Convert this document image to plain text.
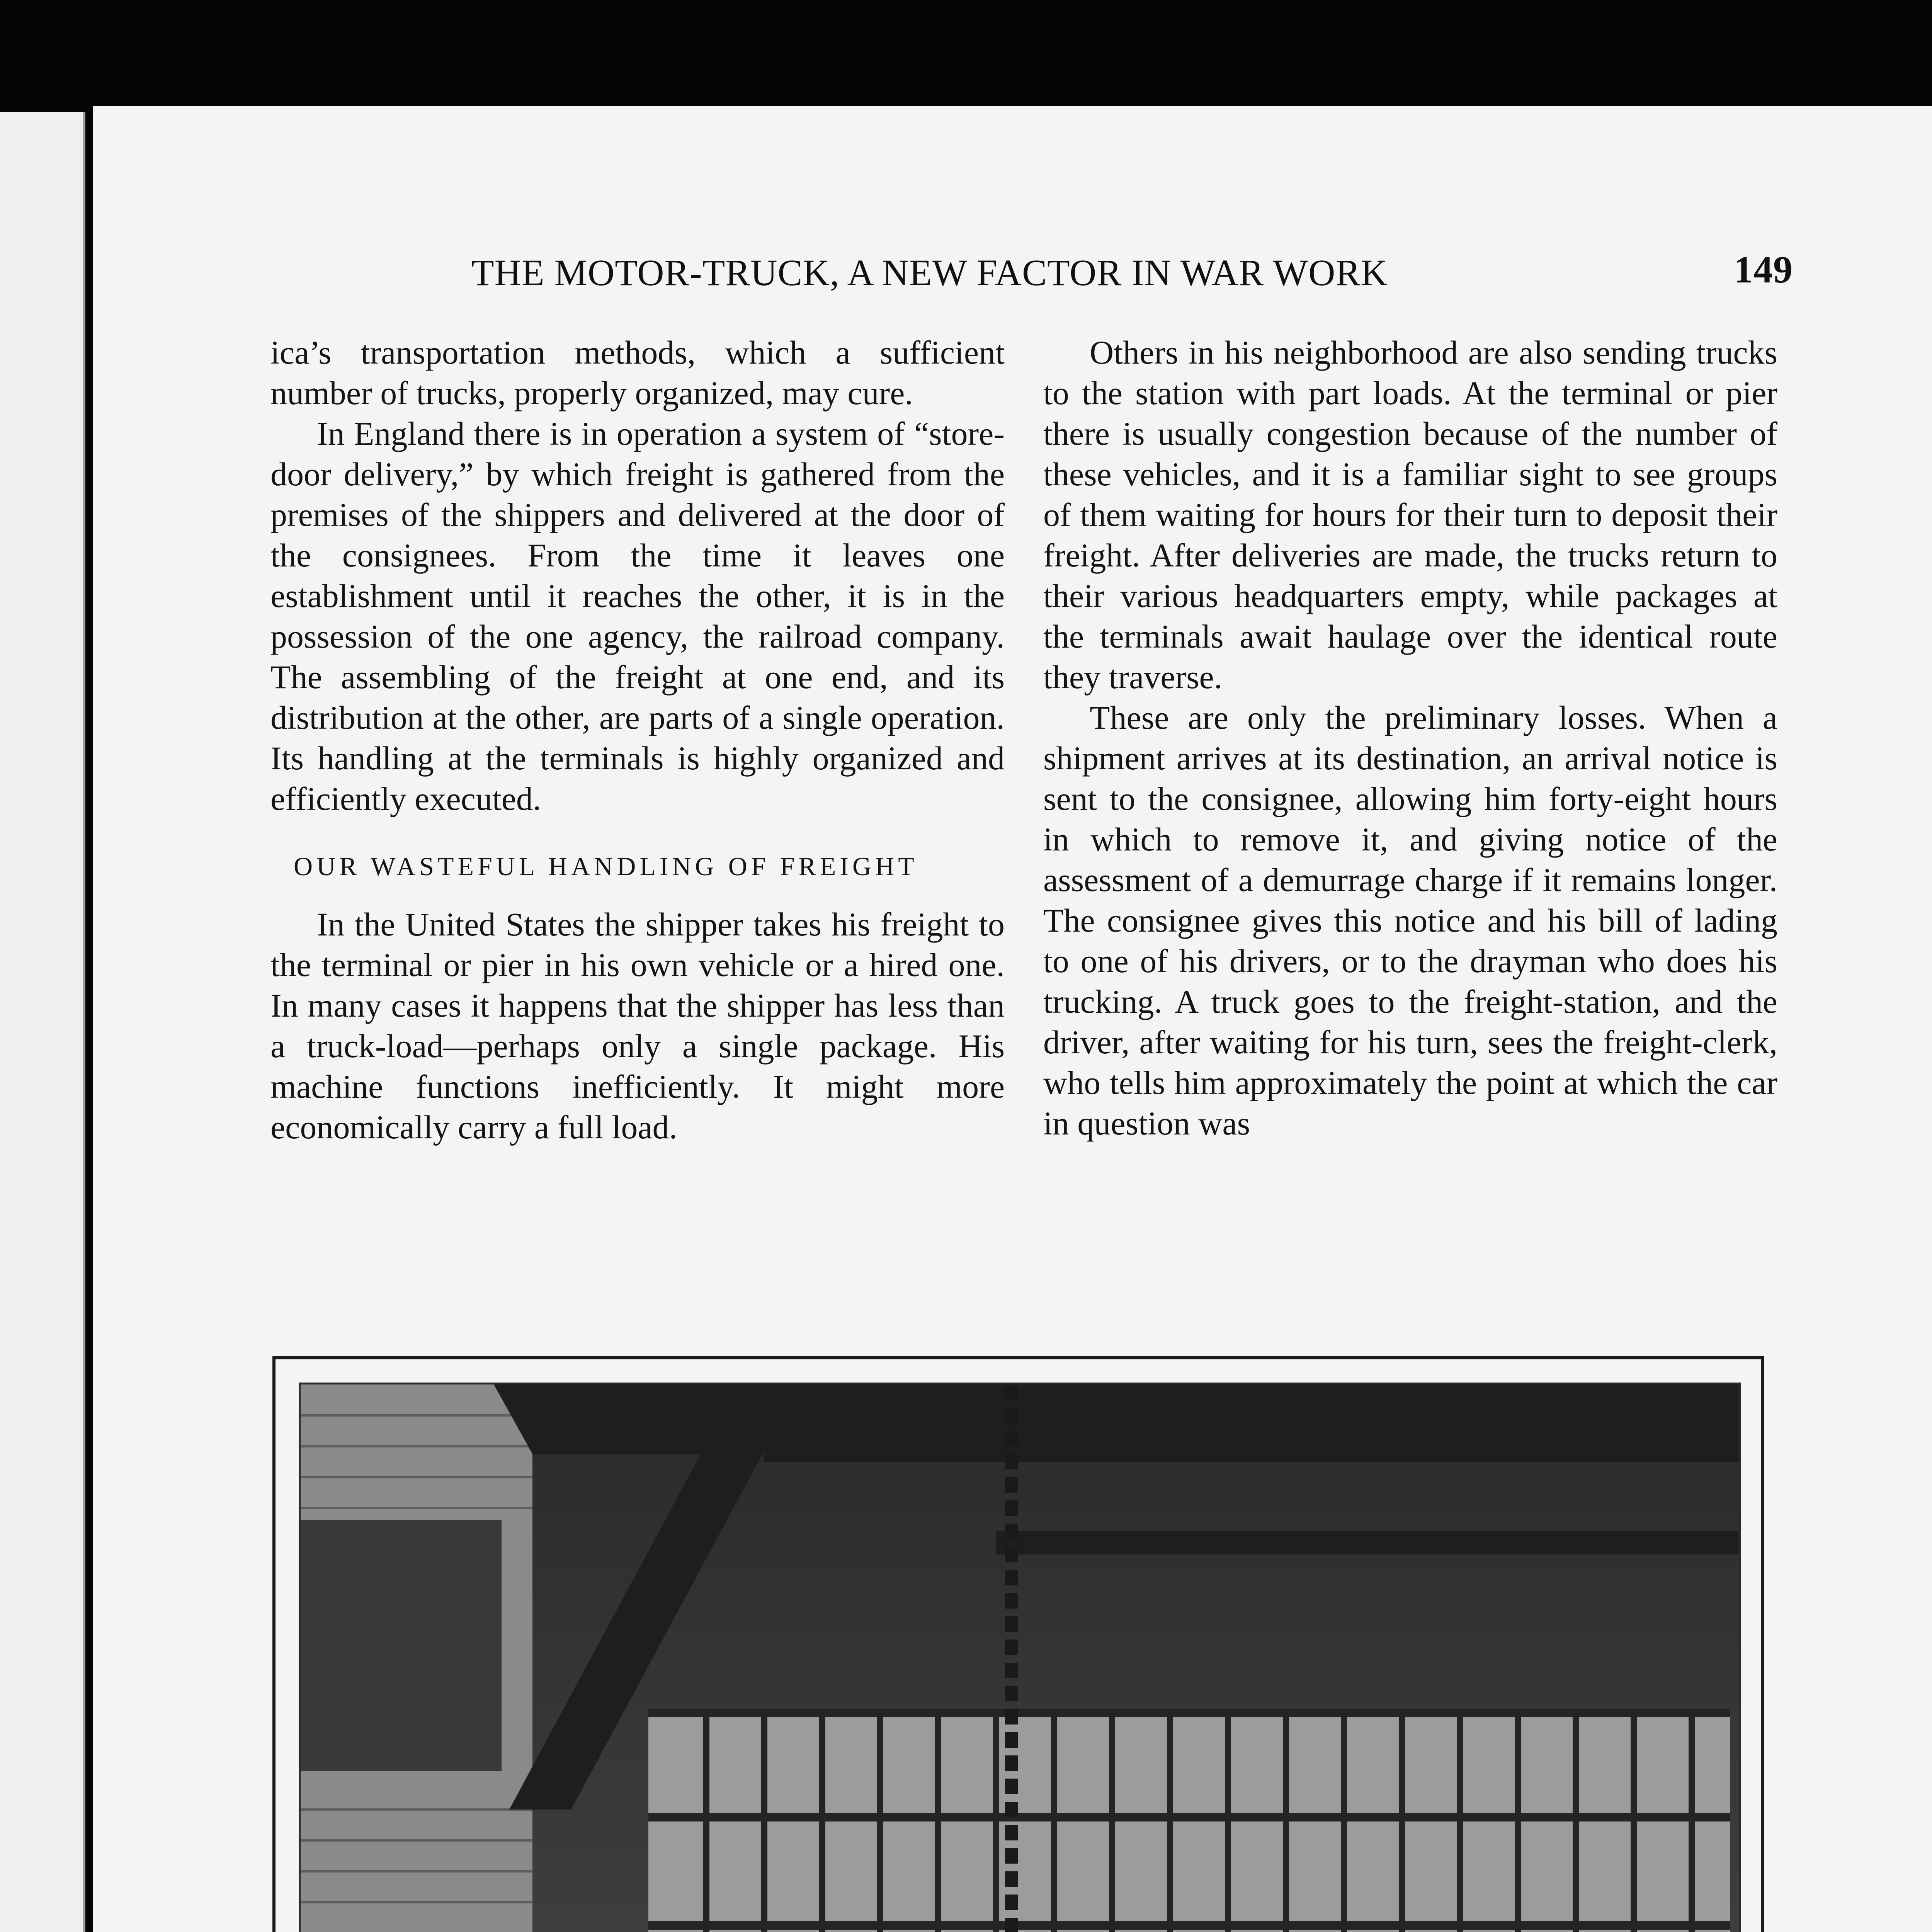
THE MOTOR-TRUCK, A NEW FACTOR IN WAR WORK	149

ica’s transportation methods, which a sufficient number of trucks, properly organized, may cure.

In England there is in operation a system of “store-door delivery,” by which freight is gathered from the premises of the shippers and delivered at the door of the consignees. From the time it leaves one establishment until it reaches the other, it is in the possession of the one agency, the railroad company. The assembling of the freight at one end, and its distribution at the other, are parts of a single operation. Its handling at the terminals is highly organized and efficiently executed.

OUR WASTEFUL HANDLING OF FREIGHT

In the United States the shipper takes his freight to the terminal or pier in his own vehicle or a hired one. In many cases it happens that the shipper has less than a truck-load—perhaps only a single package. His machine functions inefficiently. It might more economically carry a full load.

Others in his neighborhood are also sending trucks to the station with part loads. At the terminal or pier there is usually congestion because of the number of these vehicles, and it is a familiar sight to see groups of them waiting for hours for their turn to deposit their freight. After deliveries are made, the trucks return to their various headquarters empty, while packages at the terminals await haulage over the identical route they traverse.

These are only the preliminary losses. When a shipment arrives at its destination, an arrival notice is sent to the consignee, allowing him forty-eight hours in which to remove it, and giving notice of the assessment of a demurrage charge if it remains longer. The consignee gives this notice and his bill of lading to one of his drivers, or to the drayman who does his trucking. A truck goes to the freight-station, and the driver, after waiting for his turn, sees the freight-clerk, who tells him approximately the point at which the car in question was
